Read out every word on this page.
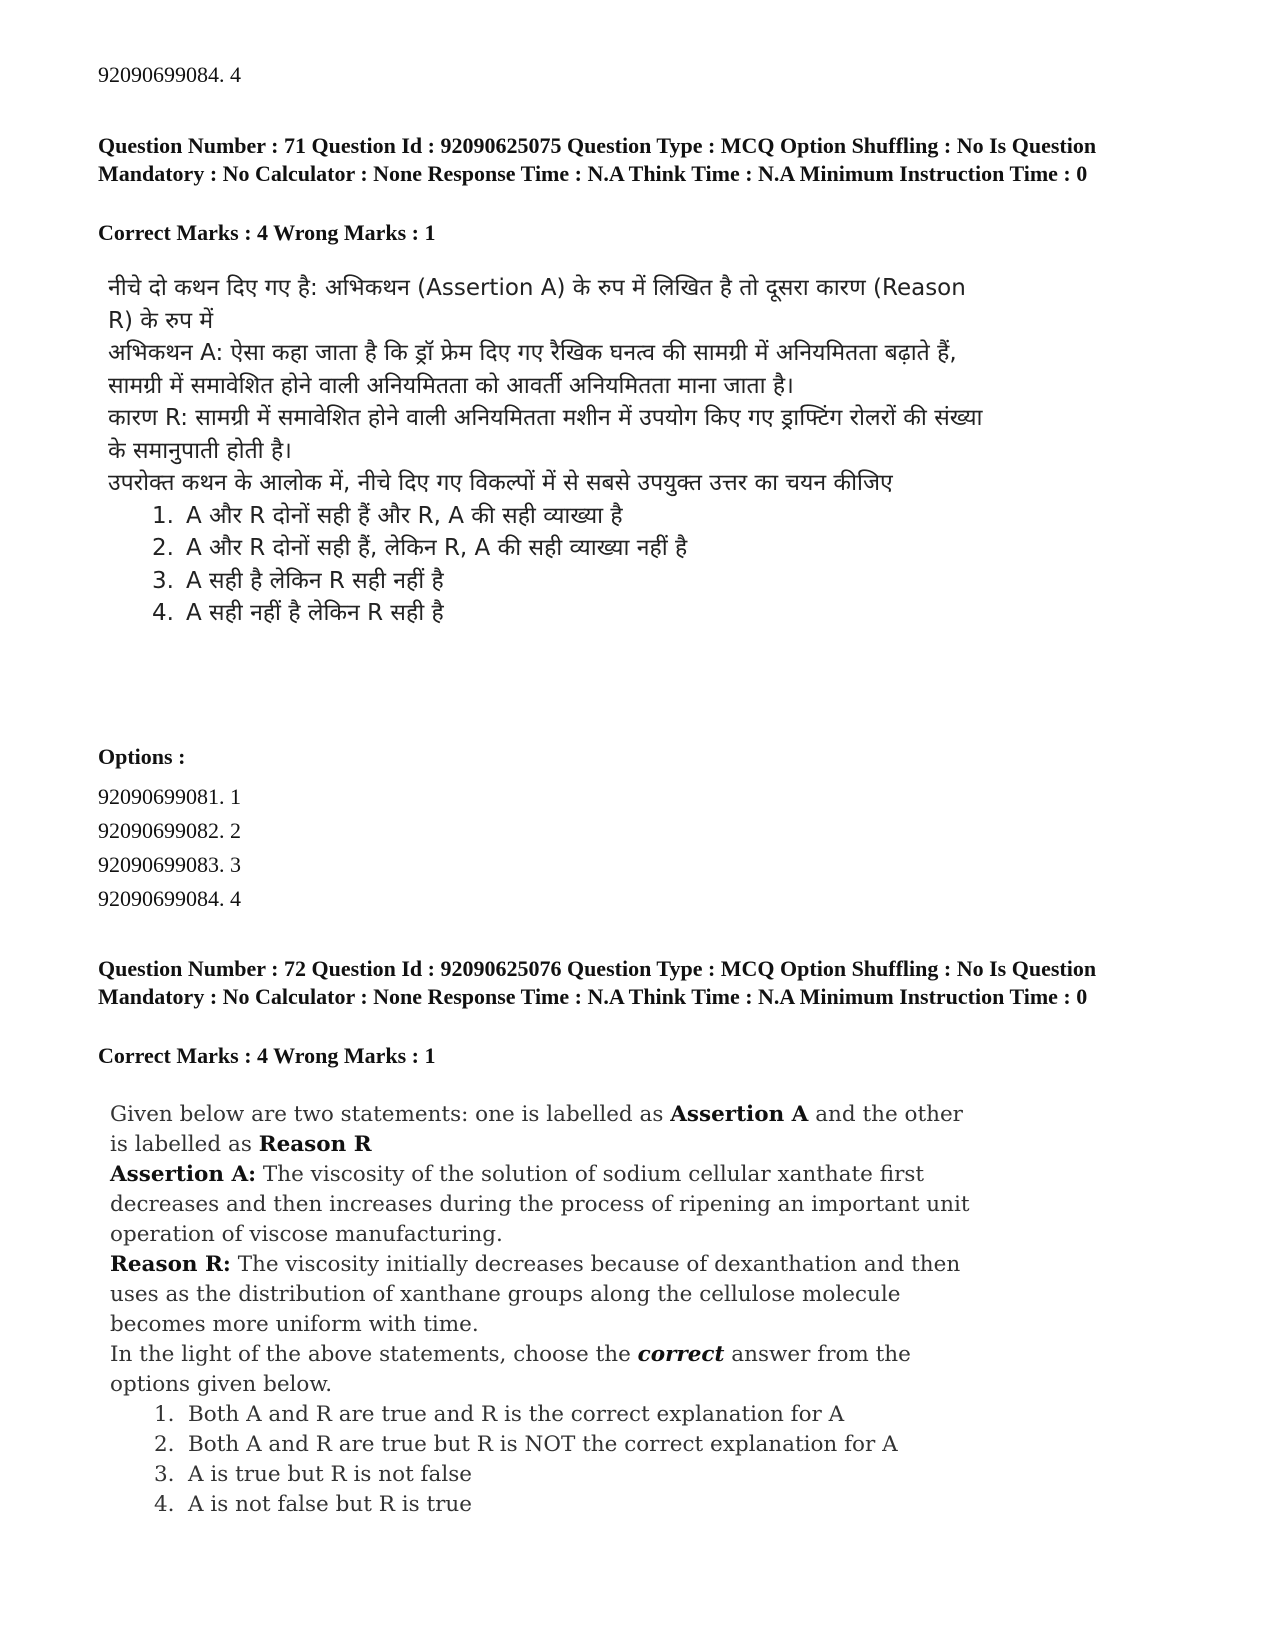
92090699084. 4
Question Number : 71 Question Id : 92090625075 Question Type : MCQ Option Shuffling : No Is Question Mandatory : No Calculator : None Response Time : N.A Think Time : N.A Minimum Instruction Time : 0
Correct Marks : 4 Wrong Marks : 1

नीचे दो कथन दिए गए है: अभिकथन (Assertion A) के रुप में लिखित है तो दूसरा कारण (Reason R) के रुप में

अभिकथन A: ऐसा कहा जाता है कि ड्रॉ फ्रेम दिए गए रैखिक घनत्व की सामग्री में अनियमितता बढ़ाते हैं, सामग्री में समावेशित होने वाली अनियमितता को आवर्ती अनियमितता माना जाता है।

कारण R: सामग्री में समावेशित होने वाली अनियमितता मशीन में उपयोग किए गए ड्राफ्टिंग रोलरों की संख्या के समानुपाती होती है।

उपरोक्त कथन के आलोक में, नीचे दिए गए विकल्पों में से सबसे उपयुक्त उत्तर का चयन कीजिए

1. A और R दोनों सही हैं और R, A की सही व्याख्या है
2. A और R दोनों सही हैं, लेकिन R, A की सही व्याख्या नहीं है
3. A सही है लेकिन R सही नहीं है
4. A सही नहीं है लेकिन R सही है
Options :
92090699081. 1
92090699082. 2
92090699083. 3
92090699084. 4
Question Number : 72 Question Id : 92090625076 Question Type : MCQ Option Shuffling : No Is Question Mandatory : No Calculator : None Response Time : N.A Think Time : N.A Minimum Instruction Time : 0
Correct Marks : 4 Wrong Marks : 1

Given below are two statements: one is labelled as Assertion A and the other is labelled as Reason R

Assertion A: The viscosity of the solution of sodium cellular xanthate first decreases and then increases during the process of ripening an important unit operation of viscose manufacturing.

Reason R: The viscosity initially decreases because of dexanthation and then uses as the distribution of xanthane groups along the cellulose molecule becomes more uniform with time.

In the light of the above statements, choose the correct answer from the options given below.

1. Both A and R are true and R is the correct explanation for A
2. Both A and R are true but R is NOT the correct explanation for A
3. A is true but R is not false
4. A is not false but R is true
